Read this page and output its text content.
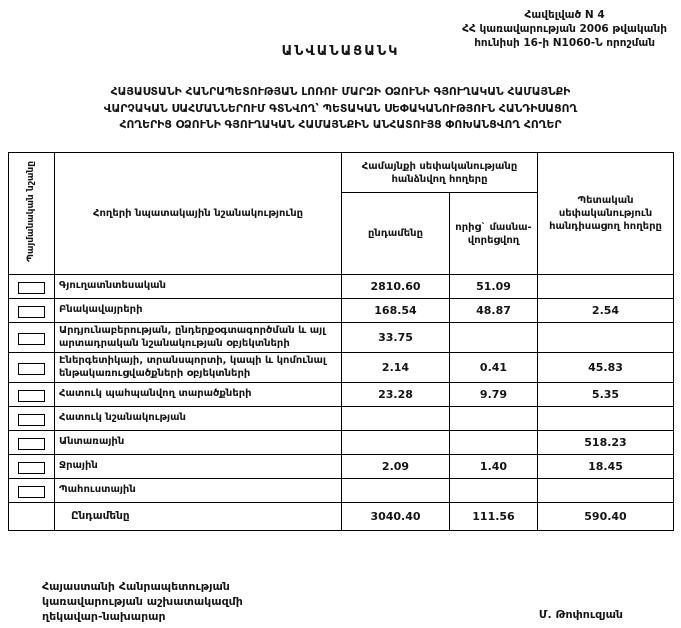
Հավելված N 4
ՀՀ կառավարության 2006 թվականի
հունիսի 16-ի N1060-Ն որոշման
ԱՆՎԱՆԱՑԱՆԿ
ՀԱՅԱՍՏԱՆԻ ՀԱՆՐԱՊԵՏՈՒԹՅԱՆ ԼՈՌՈՒ ՄԱՐԶԻ ՕՁՈՒՆԻ ԳՅՈՒՂԱԿԱՆ ՀԱՄԱՅՆՔԻ
ՎԱՐՉԱԿԱՆ ՍԱՀՄԱՆՆԵՐՈՒՄ ԳՏՆՎՈՂ՝ ՊԵՏԱԿԱՆ ՍԵՓԱԿԱՆՈՒԹՅՈՒՆ ՀԱՆԴԻՍԱՑՈՂ
ՀՈՂԵՐԻՑ ՕՁՈՒՆԻ ԳՅՈՒՂԱԿԱՆ ՀԱՄԱՅՆՔԻՆ ԱՆՀԱՏՈՒՅՑ ՓՈԽԱՆՑՎՈՂ ՀՈՂԵՐ
Պայմանական նշանը	Հողերի նպատակային նշանակությունը	Համայնքի սեփականությանը հանձնվող հողերը		Պետական սեփականություն հանդիսացող հողերը
		ընդամենը	որից` մասնա-վորեցվող	
	Գյուղատնտեսական	2810.60	51.09	
	Բնակավայրերի	168.54	48.87	2.54
	Արդյունաբերության, ընդերքօգտագործման և այլ արտադրական նշանակության օբյեկտների	33.75		
	Էներգետիկայի, տրանսպորտի, կապի և կոմունալ ենթակառուցվածքների օբյեկտների	2.14	0.41	45.83
	Հատուկ պահպանվող տարածքների	23.28	9.79	5.35
	Հատուկ նշանակության			
	Անտառային			518.23
	Ջրային	2.09	1.40	18.45
	Պահուստային			
	Ընդամենը	3040.40	111.56	590.40
Հայաստանի Հանրապետության
կառավարության աշխատակազմի
ղեկավար-նախարար	Մ. Թոփուզյան
